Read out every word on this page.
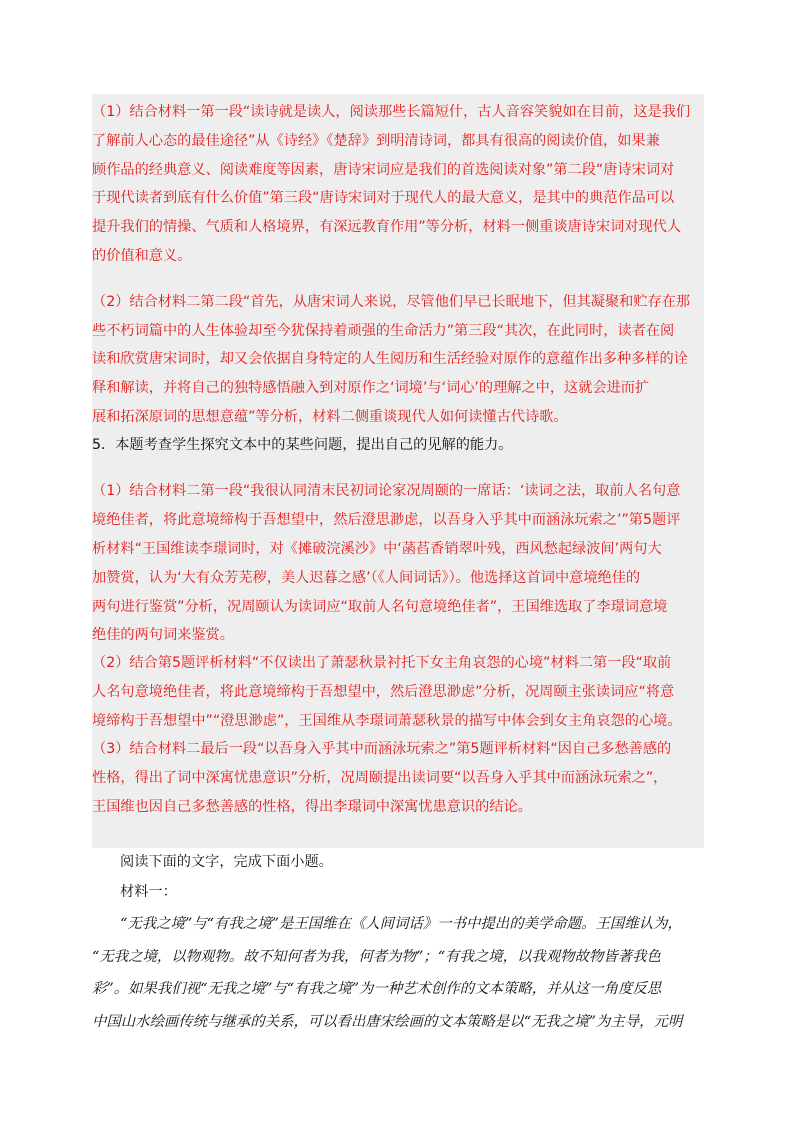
（1）结合材料一第一段“读诗就是读人，阅读那些长篇短什，古人音容笑貌如在目前，这是我们
了解前人心态的最佳途径”从《诗经》《楚辞》到明清诗词，都具有很高的阅读价值，如果兼
顾作品的经典意义、阅读难度等因素，唐诗宋词应是我们的首选阅读对象”第二段“唐诗宋词对
于现代读者到底有什么价值”第三段“唐诗宋词对于现代人的最大意义，是其中的典范作品可以
提升我们的情操、气质和人格境界，有深远教育作用”等分析，材料一侧重谈唐诗宋词对现代人
的价值和意义。
（2）结合材料二第二段“首先，从唐宋词人来说，尽管他们早已长眠地下，但其凝聚和贮存在那
些不朽词篇中的人生体验却至今犹保持着顽强的生命活力”第三段“其次，在此同时，读者在阅
读和欣赏唐宋词时，却又会依据自身特定的人生阅历和生活经验对原作的意蕴作出多种多样的诠
释和解读，并将自己的独特感悟融入到对原作之‘词境’与‘词心’的理解之中，这就会进而扩
展和拓深原词的思想意蕴”等分析，材料二侧重谈现代人如何读懂古代诗歌。
5．本题考查学生探究文本中的某些问题，提出自己的见解的能力。
（1）结合材料二第一段“我很认同清末民初词论家况周颐的一席话：‘读词之法，取前人名句意
境绝佳者，将此意境缔构于吾想望中，然后澄思渺虑，以吾身入乎其中而涵泳玩索之’”第5题评
析材料“王国维读李璟词时，对《摊破浣溪沙》中‘菡萏香销翠叶残，西风愁起绿波间’两句大
加赞赏，认为‘大有众芳芜秽，美人迟暮之感’（《人间词话》）。他选择这首词中意境绝佳的
两句进行鉴赏”分析，况周颐认为读词应“取前人名句意境绝佳者”，王国维选取了李璟词意境
绝佳的两句词来鉴赏。
（2）结合第5题评析材料“不仅读出了萧瑟秋景衬托下女主角哀怨的心境”材料二第一段“取前
人名句意境绝佳者，将此意境缔构于吾想望中，然后澄思渺虑”分析，况周颐主张读词应“将意
境缔构于吾想望中”“澄思渺虑”，王国维从李璟词萧瑟秋景的描写中体会到女主角哀怨的心境。
（3）结合材料二最后一段“以吾身入乎其中而涵泳玩索之”第5题评析材料“因自己多愁善感的
性格，得出了词中深寓忧患意识”分析，况周颐提出读词要“以吾身入乎其中而涵泳玩索之”，
王国维也因自己多愁善感的性格，得出李璟词中深寓忧患意识的结论。
阅读下面的文字，完成下面小题。
材料一：
“无我之境”与“有我之境”是王国维在《人间词话》一书中提出的美学命题。王国维认为，
“无我之境，以物观物。故不知何者为我，何者为物”；“有我之境，以我观物故物皆著我色
彩”。如果我们视“无我之境”与“有我之境”为一种艺术创作的文本策略，并从这一角度反思
中国山水绘画传统与继承的关系，可以看出唐宋绘画的文本策略是以“无我之境”为主导，元明
